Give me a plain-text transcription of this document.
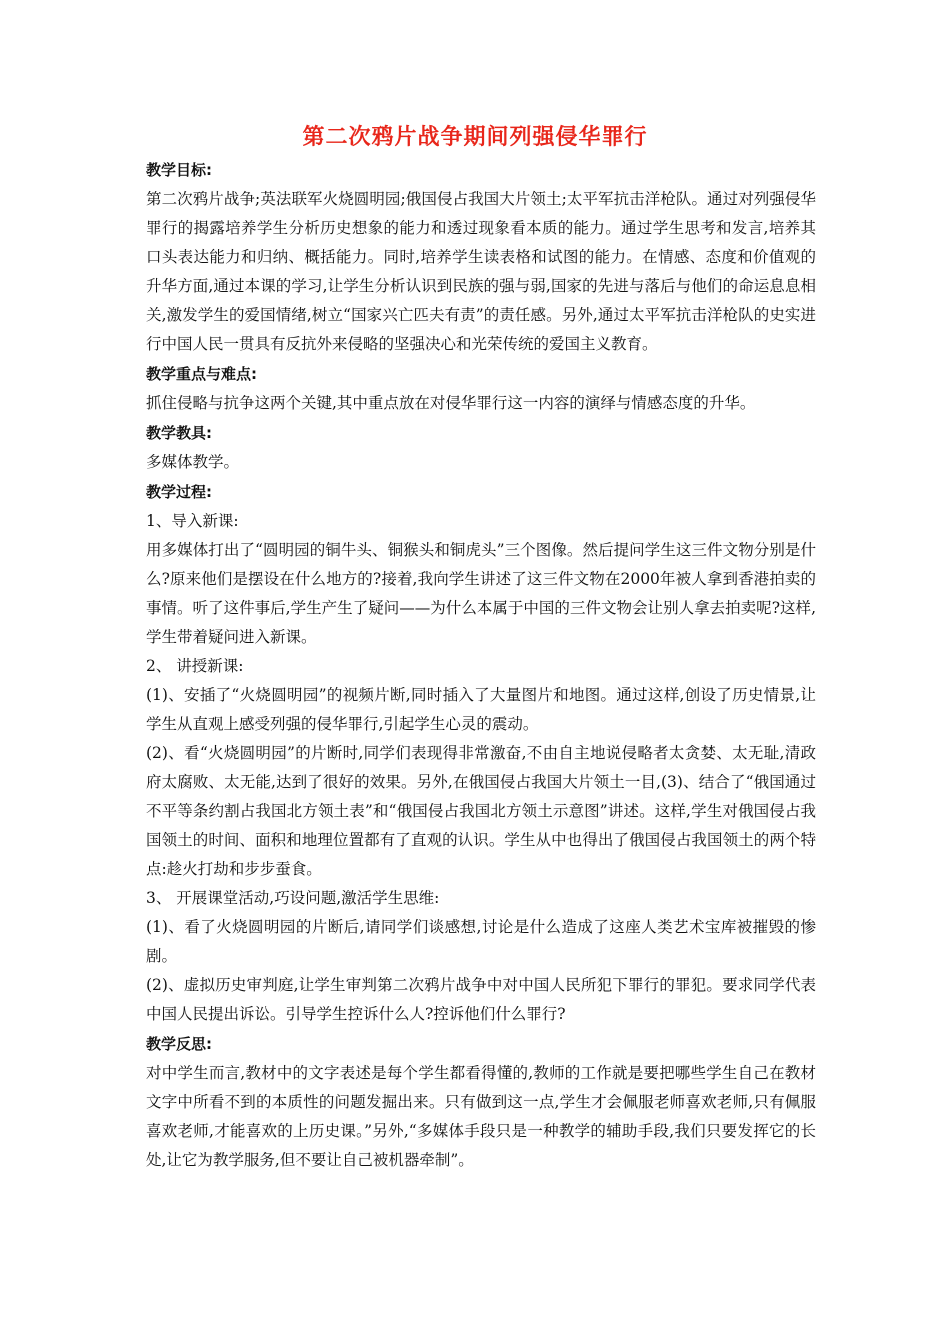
第二次鸦片战争期间列强侵华罪行
教学目标:
第二次鸦片战争;英法联军火烧圆明园;俄国侵占我国大片领土;太平军抗击洋枪队。通过对列强侵华罪行的揭露培养学生分析历史想象的能力和透过现象看本质的能力。通过学生思考和发言,培养其口头表达能力和归纳、概括能力。同时,培养学生读表格和试图的能力。在情感、态度和价值观的升华方面,通过本课的学习,让学生分析认识到民族的强与弱,国家的先进与落后与他们的命运息息相关,激发学生的爱国情绪,树立“国家兴亡匹夫有责”的责任感。另外,通过太平军抗击洋枪队的史实进行中国人民一贯具有反抗外来侵略的坚强决心和光荣传统的爱国主义教育。
教学重点与难点:
抓住侵略与抗争这两个关键,其中重点放在对侵华罪行这一内容的演绎与情感态度的升华。
教学教具:
多媒体教学。
教学过程:
1、导入新课:
用多媒体打出了“圆明园的铜牛头、铜猴头和铜虎头”三个图像。然后提问学生这三件文物分别是什么?原来他们是摆设在什么地方的?接着,我向学生讲述了这三件文物在2000年被人拿到香港拍卖的事情。听了这件事后,学生产生了疑问——为什么本属于中国的三件文物会让别人拿去拍卖呢?这样,学生带着疑问进入新课。
2、 讲授新课:
(1)、安插了“火烧圆明园”的视频片断,同时插入了大量图片和地图。通过这样,创设了历史情景,让学生从直观上感受列强的侵华罪行,引起学生心灵的震动。
(2)、看“火烧圆明园”的片断时,同学们表现得非常激奋,不由自主地说侵略者太贪婪、太无耻,清政府太腐败、太无能,达到了很好的效果。另外,在俄国侵占我国大片领土一目,(3)、结合了“俄国通过不平等条约割占我国北方领土表”和“俄国侵占我国北方领土示意图”讲述。这样,学生对俄国侵占我国领土的时间、面积和地理位置都有了直观的认识。学生从中也得出了俄国侵占我国领土的两个特点:趁火打劫和步步蚕食。
3、 开展课堂活动,巧设问题,激活学生思维:
(1)、看了火烧圆明园的片断后,请同学们谈感想,讨论是什么造成了这座人类艺术宝库被摧毁的惨剧。
(2)、虚拟历史审判庭,让学生审判第二次鸦片战争中对中国人民所犯下罪行的罪犯。要求同学代表中国人民提出诉讼。引导学生控诉什么人?控诉他们什么罪行?
教学反思:
对中学生而言,教材中的文字表述是每个学生都看得懂的,教师的工作就是要把哪些学生自己在教材文字中所看不到的本质性的问题发掘出来。只有做到这一点,学生才会佩服老师喜欢老师,只有佩服喜欢老师,才能喜欢的上历史课。”另外,“多媒体手段只是一种教学的辅助手段,我们只要发挥它的长处,让它为教学服务,但不要让自己被机器牵制”。
